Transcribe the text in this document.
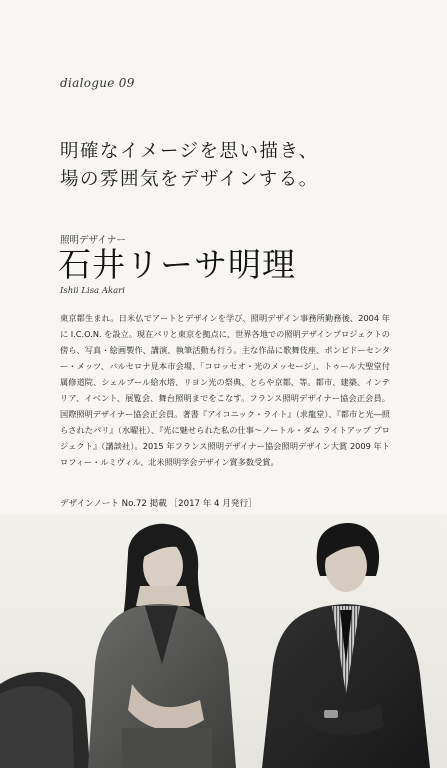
dialogue 09
明確なイメージを思い描き、
場の雰囲気をデザインする。
照明デザイナー
石井リーサ明理
Ishii Lisa Akari
東京都生まれ。日米仏でアートとデザインを学び、照明デザイン事務所勤務後、2004 年に I.C.O.N. を設立。現在パリと東京を拠点に、世界各地での照明デザインプロジェクトの傍ら、写真・絵画製作、講演、執筆活動も行う。主な作品に歌舞伎座、ポンピドーセンター・メッツ、バルセロナ見本市会場、「コロッセオ・光のメッセージ」、トゥール大聖堂付属修道院、シェルブール給水塔、リヨン光の祭典、とらや京都、等。都市、建築、インテリア、イベント、展覧会、舞台照明までをこなす。フランス照明デザイナー協会正会員。国際照明デザイナー協会正会員。著書『アイコニック・ライト』（求龍堂）、『都市と光―照らされたパリ』（水曜社）、『光に魅せられた私の仕事～ノートル・ダム ライトアップ プロジェクト』（講談社）。2015 年フランス照明デザイナー協会照明デザイン大賞 2009 年トロフィー・ルミヴィル、北米照明学会デザイン賞多数受賞。
デザインノート No.72 掲載 ［2017 年 4 月発行］
